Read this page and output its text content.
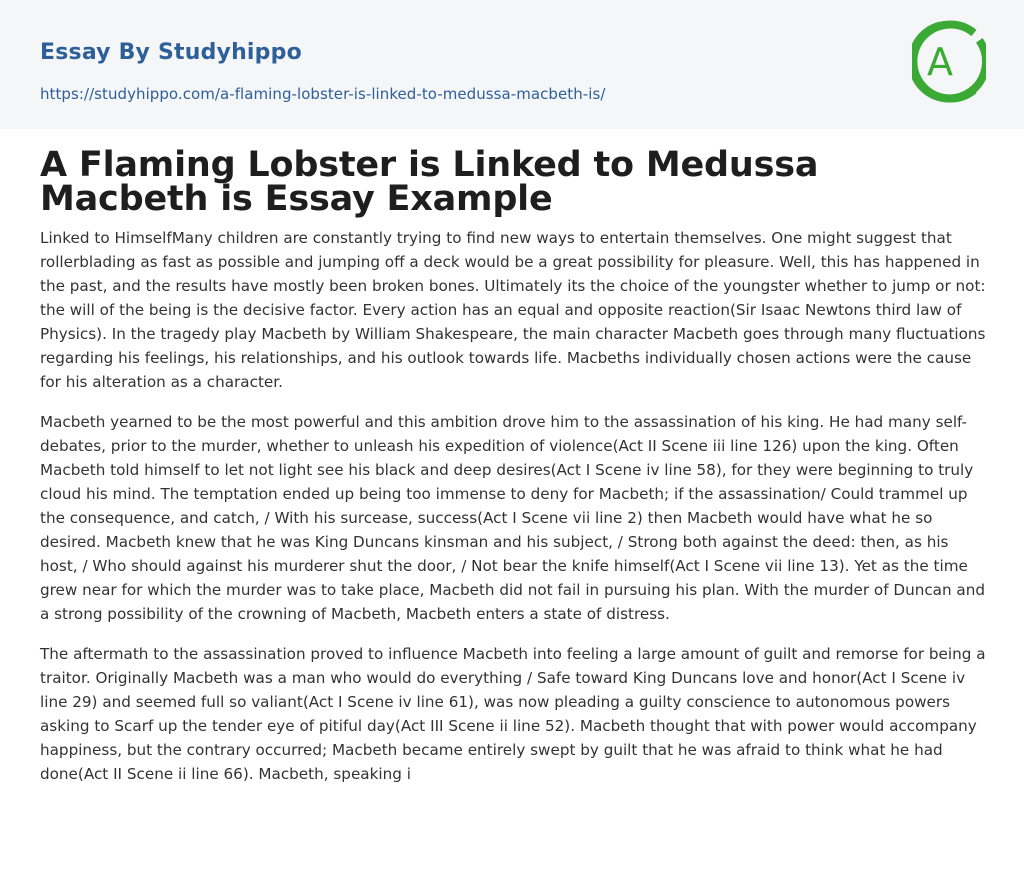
Essay By Studyhippo
https://studyhippo.com/a-flaming-lobster-is-linked-to-medussa-macbeth-is/
A
A Flaming Lobster is Linked to Medussa Macbeth is Essay Example

Linked to HimselfMany children are constantly trying to find new ways to entertain themselves. One might suggest that rollerblading as fast as possible and jumping off a deck would be a great possibility for pleasure. Well, this has happened in the past, and the results have mostly been broken bones. Ultimately its the choice of the youngster whether to jump or not: the will of the being is the decisive factor. Every action has an equal and opposite reaction(Sir Isaac Newtons third law of Physics). In the tragedy play Macbeth by William Shakespeare, the main character Macbeth goes through many fluctuations regarding his feelings, his relationships, and his outlook towards life. Macbeths individually chosen actions were the cause for his alteration as a character.

Macbeth yearned to be the most powerful and this ambition drove him to the assassination of his king. He had many self-debates, prior to the murder, whether to unleash his expedition of violence(Act II Scene iii line 126) upon the king. Often Macbeth told himself to let not light see his black and deep desires(Act I Scene iv line 58), for they were beginning to truly cloud his mind. The temptation ended up being too immense to deny for Macbeth; if the assassination/ Could trammel up the consequence, and catch, / With his surcease, success(Act I Scene vii line 2) then Macbeth would have what he so desired. Macbeth knew that he was King Duncans kinsman and his subject, / Strong both against the deed: then, as his host, / Who should against his murderer shut the door, / Not bear the knife himself(Act I Scene vii line 13). Yet as the time grew near for which the murder was to take place, Macbeth did not fail in pursuing his plan. With the murder of Duncan and a strong possibility of the crowning of Macbeth, Macbeth enters a state of distress.

The aftermath to the assassination proved to influence Macbeth into feeling a large amount of guilt and remorse for being a traitor. Originally Macbeth was a man who would do everything / Safe toward King Duncans love and honor(Act I Scene iv line 29) and seemed full so valiant(Act I Scene iv line 61), was now pleading a guilty conscience to autonomous powers asking to Scarf up the tender eye of pitiful day(Act III Scene ii line 52). Macbeth thought that with power would accompany happiness, but the contrary occurred; Macbeth became entirely swept by guilt that he was afraid to think what he had done(Act II Scene ii line 66). Macbeth, speaking i
